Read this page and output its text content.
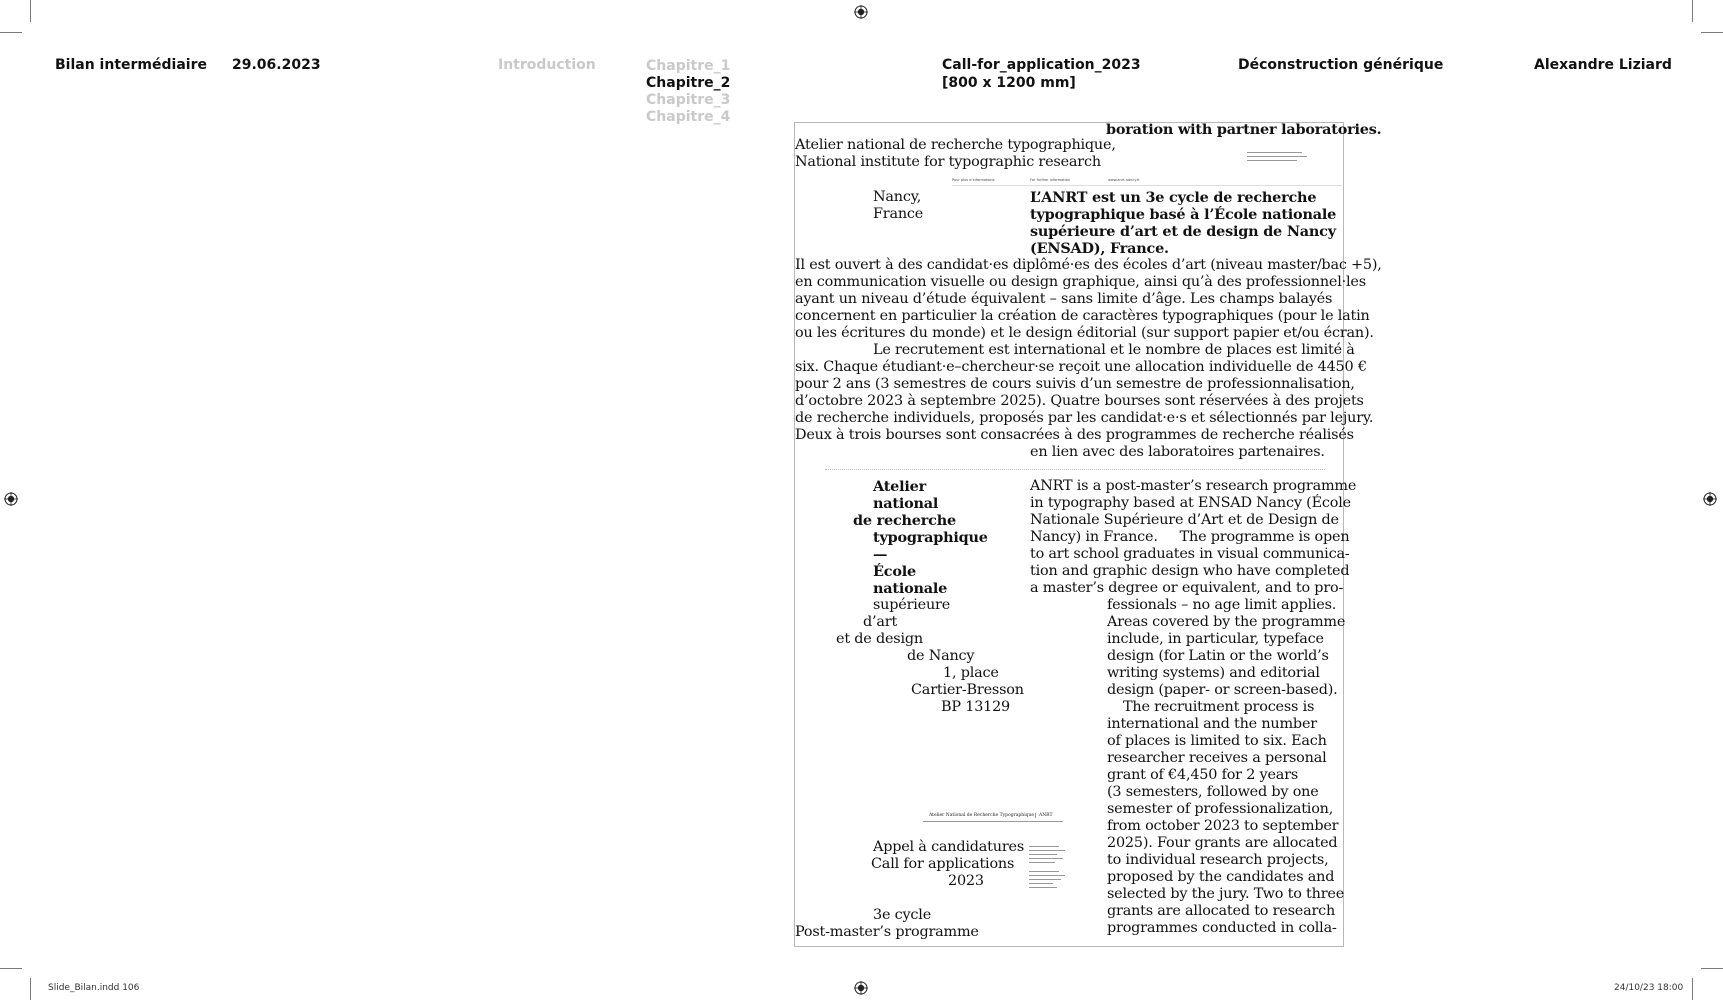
Bilan intermédiaire 29.06.2023	Introduction	Chapitre_1
Chapitre_2
Chapitre_3
Chapitre_4
Call-for_application_2023
[800 x 1200 mm]
Déconstruction générique	Alexandre Liziard
boration with partner laboratories.
Atelier national de recherche typographique,
National institute for typographic research
Pour plus d’informations	For further information	www.anrt-nancy.fr
Nancy,
France
L’ANRT est un 3e cycle de recherche
typographique basé à l’École nationale
supérieure d’art et de design de Nancy
(ENSAD), France.
Il est ouvert à des candidat·es diplômé·es des écoles d’art (niveau master/bac +5),
en communication visuelle ou design graphique, ainsi qu’à des professionnel·les
ayant un niveau d’étude équivalent – sans limite d’âge. Les champs balayés
concernent en particulier la création de caractères typographiques (pour le latin
ou les écritures du monde) et le design éditorial (sur support papier et/ou écran).
Le recrutement est international et le nombre de places est limité à
six. Chaque étudiant·e–chercheur·se reçoit une allocation individuelle de 4450 €
pour 2 ans (3 semestres de cours suivis d’un semestre de professionnalisation,
d’octobre 2023 à septembre 2025). Quatre bourses sont réservées à des projets
de recherche individuels, proposés par les candidat·e·s et sélectionnés par lejury.
Deux à trois bourses sont consacrées à des programmes de recherche réalisés
en lien avec des laboratoires partenaires.
Atelier
national
de recherche
typographique
—
École
nationale
supérieure
d’art
et de design
de Nancy
1, place
Cartier-Bresson
BP 13129
ANRT is a post-master’s research programme
in typography based at ENSAD Nancy (École
Nationale Supérieure d’Art et de Design de
Nancy) in France.     The programme is open
to art school graduates in visual communica-
tion and graphic design who have completed
a master’s degree or equivalent, and to pro-
fessionals – no age limit applies.
Areas covered by the programme
include, in particular, typeface
design (for Latin or the world’s
writing systems) and editorial
design (paper- or screen-based).
The recruitment process is
international and the number
of places is limited to six. Each
researcher receives a personal
grant of €4,450 for 2 years
(3 semesters, followed by one
semester of professionalization,
from october 2023 to september
2025). Four grants are allocated
to individual research projects,
proposed by the candidates and
selected by the jury. Two to three
grants are allocated to research
programmes conducted in colla-
Atelier National de Recherche Typographique	ANRT
Appel à candidatures
Call for applications
2023
3e cycle
Post-master’s programme
Slide_Bilan.indd 106	24/10/23 18:00
